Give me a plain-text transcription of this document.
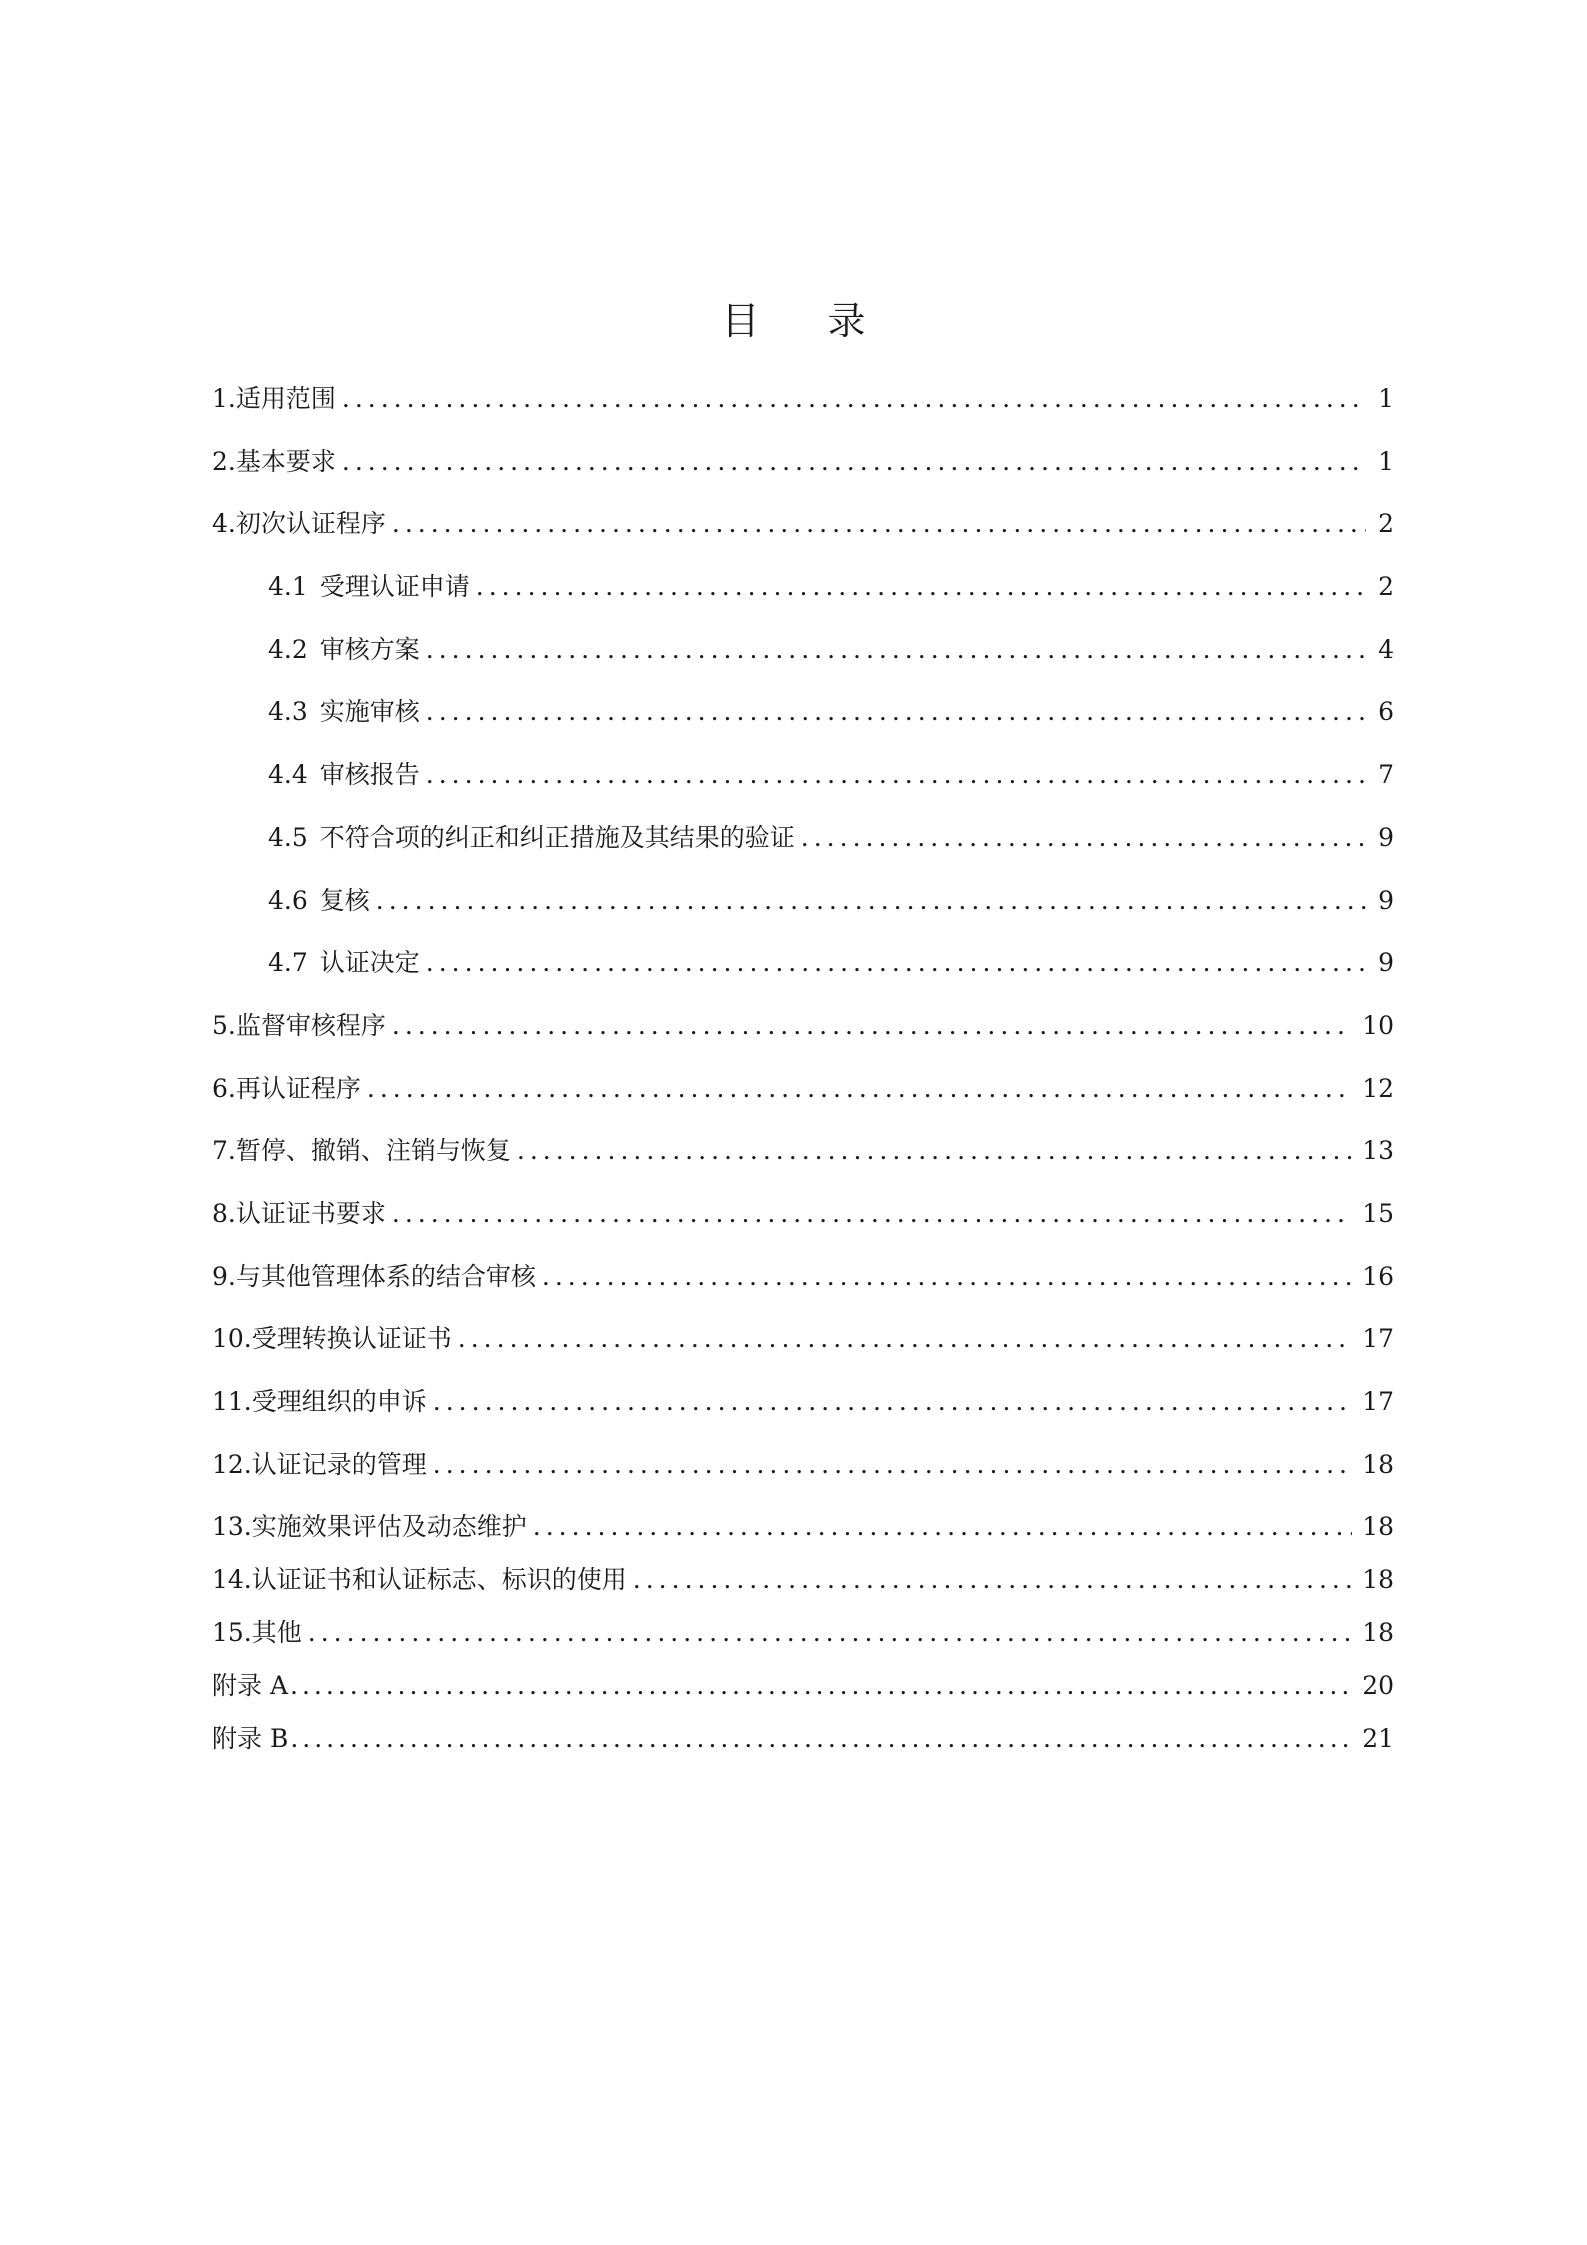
目 录
1.适用范围 .....	1
2.基本要求 .....	1
4.初次认证程序 .....	2
4.1 受理认证申请 .....	2
4.2 审核方案 .....	4
4.3 实施审核 .....	6
4.4 审核报告 .....	7
4.5 不符合项的纠正和纠正措施及其结果的验证 .....	9
4.6 复核 .....	9
4.7 认证决定 .....	9
5.监督审核程序 .....	10
6.再认证程序 .....	12
7.暂停、撤销、注销与恢复 .....	13
8.认证证书要求 .....	15
9.与其他管理体系的结合审核 .....	16
10.受理转换认证证书 .....	17
11.受理组织的申诉 .....	17
12.认证记录的管理 .....	18
13.实施效果评估及动态维护 .....	18
14.认证证书和认证标志、标识的使用 .....	18
15.其他 .....	18
附录 A .....	20
附录 B .....	21
